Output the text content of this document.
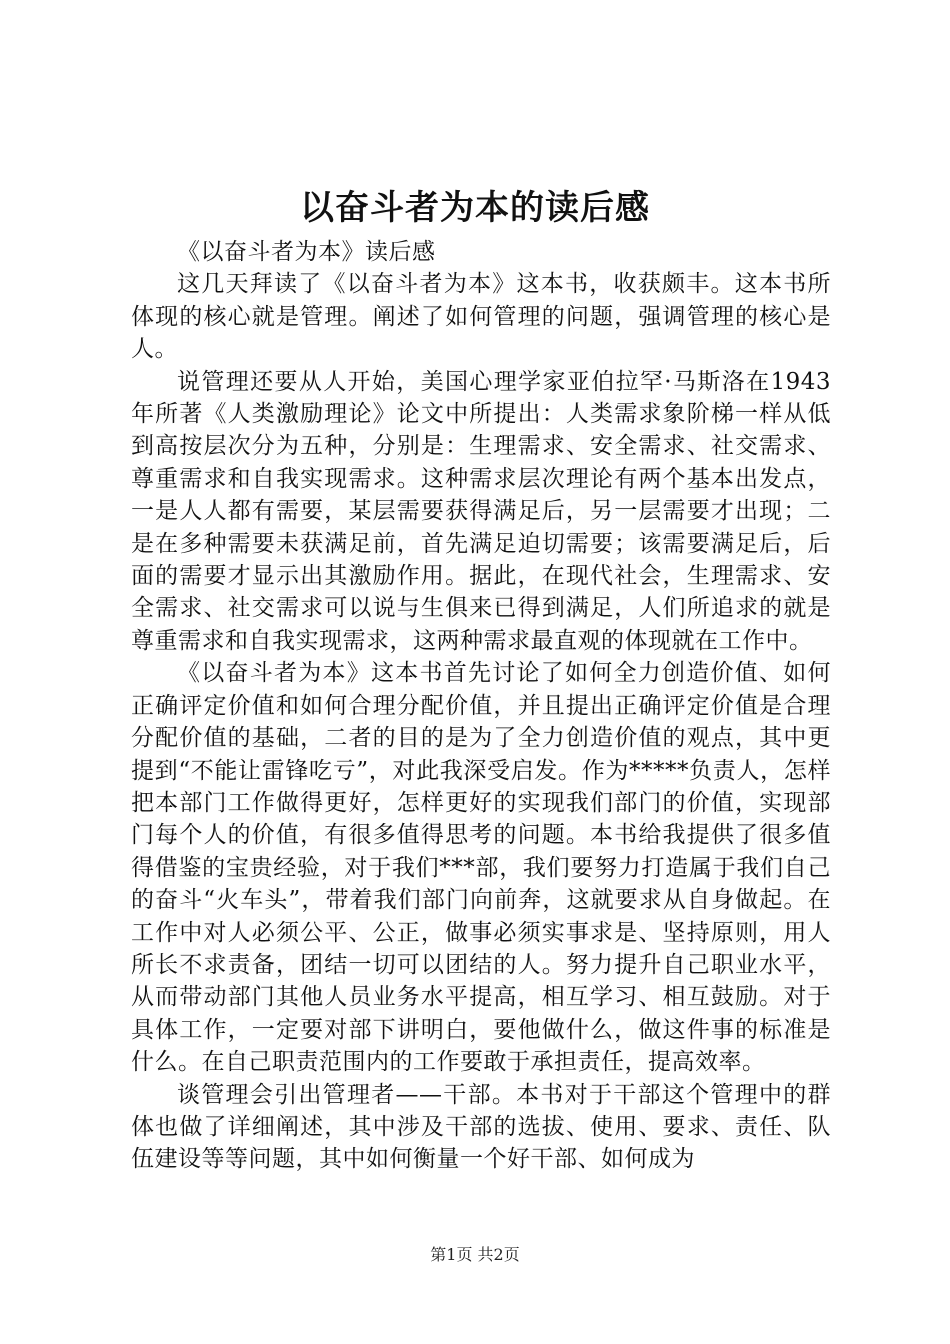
以奋斗者为本的读后感

《以奋斗者为本》读后感

这几天拜读了《以奋斗者为本》这本书，收获颇丰。这本书所体现的核心就是管理。阐述了如何管理的问题，强调管理的核心是人。

说管理还要从人开始，美国心理学家亚伯拉罕·马斯洛在1943年所著《人类激励理论》论文中所提出：人类需求象阶梯一样从低到高按层次分为五种，分别是：生理需求、安全需求、社交需求、尊重需求和自我实现需求。这种需求层次理论有两个基本出发点，一是人人都有需要，某层需要获得满足后，另一层需要才出现；二是在多种需要未获满足前，首先满足迫切需要；该需要满足后，后面的需要才显示出其激励作用。据此，在现代社会，生理需求、安全需求、社交需求可以说与生俱来已得到满足，人们所追求的就是尊重需求和自我实现需求，这两种需求最直观的体现就在工作中。

《以奋斗者为本》这本书首先讨论了如何全力创造价值、如何正确评定价值和如何合理分配价值，并且提出正确评定价值是合理分配价值的基础，二者的目的是为了全力创造价值的观点，其中更提到“不能让雷锋吃亏”，对此我深受启发。作为*****负责人，怎样把本部门工作做得更好，怎样更好的实现我们部门的价值，实现部门每个人的价值，有很多值得思考的问题。本书给我提供了很多值得借鉴的宝贵经验，对于我们***部，我们要努力打造属于我们自己的奋斗“火车头”，带着我们部门向前奔，这就要求从自身做起。在工作中对人必须公平、公正，做事必须实事求是、坚持原则，用人所长不求责备，团结一切可以团结的人。努力提升自己职业水平，从而带动部门其他人员业务水平提高，相互学习、相互鼓励。对于具体工作，一定要对部下讲明白，要他做什么，做这件事的标准是什么。在自己职责范围内的工作要敢于承担责任，提高效率。

谈管理会引出管理者——干部。本书对于干部这个管理中的群体也做了详细阐述，其中涉及干部的选拔、使用、要求、责任、队伍建设等等问题，其中如何衡量一个好干部、如何成为

第1页 共2页
